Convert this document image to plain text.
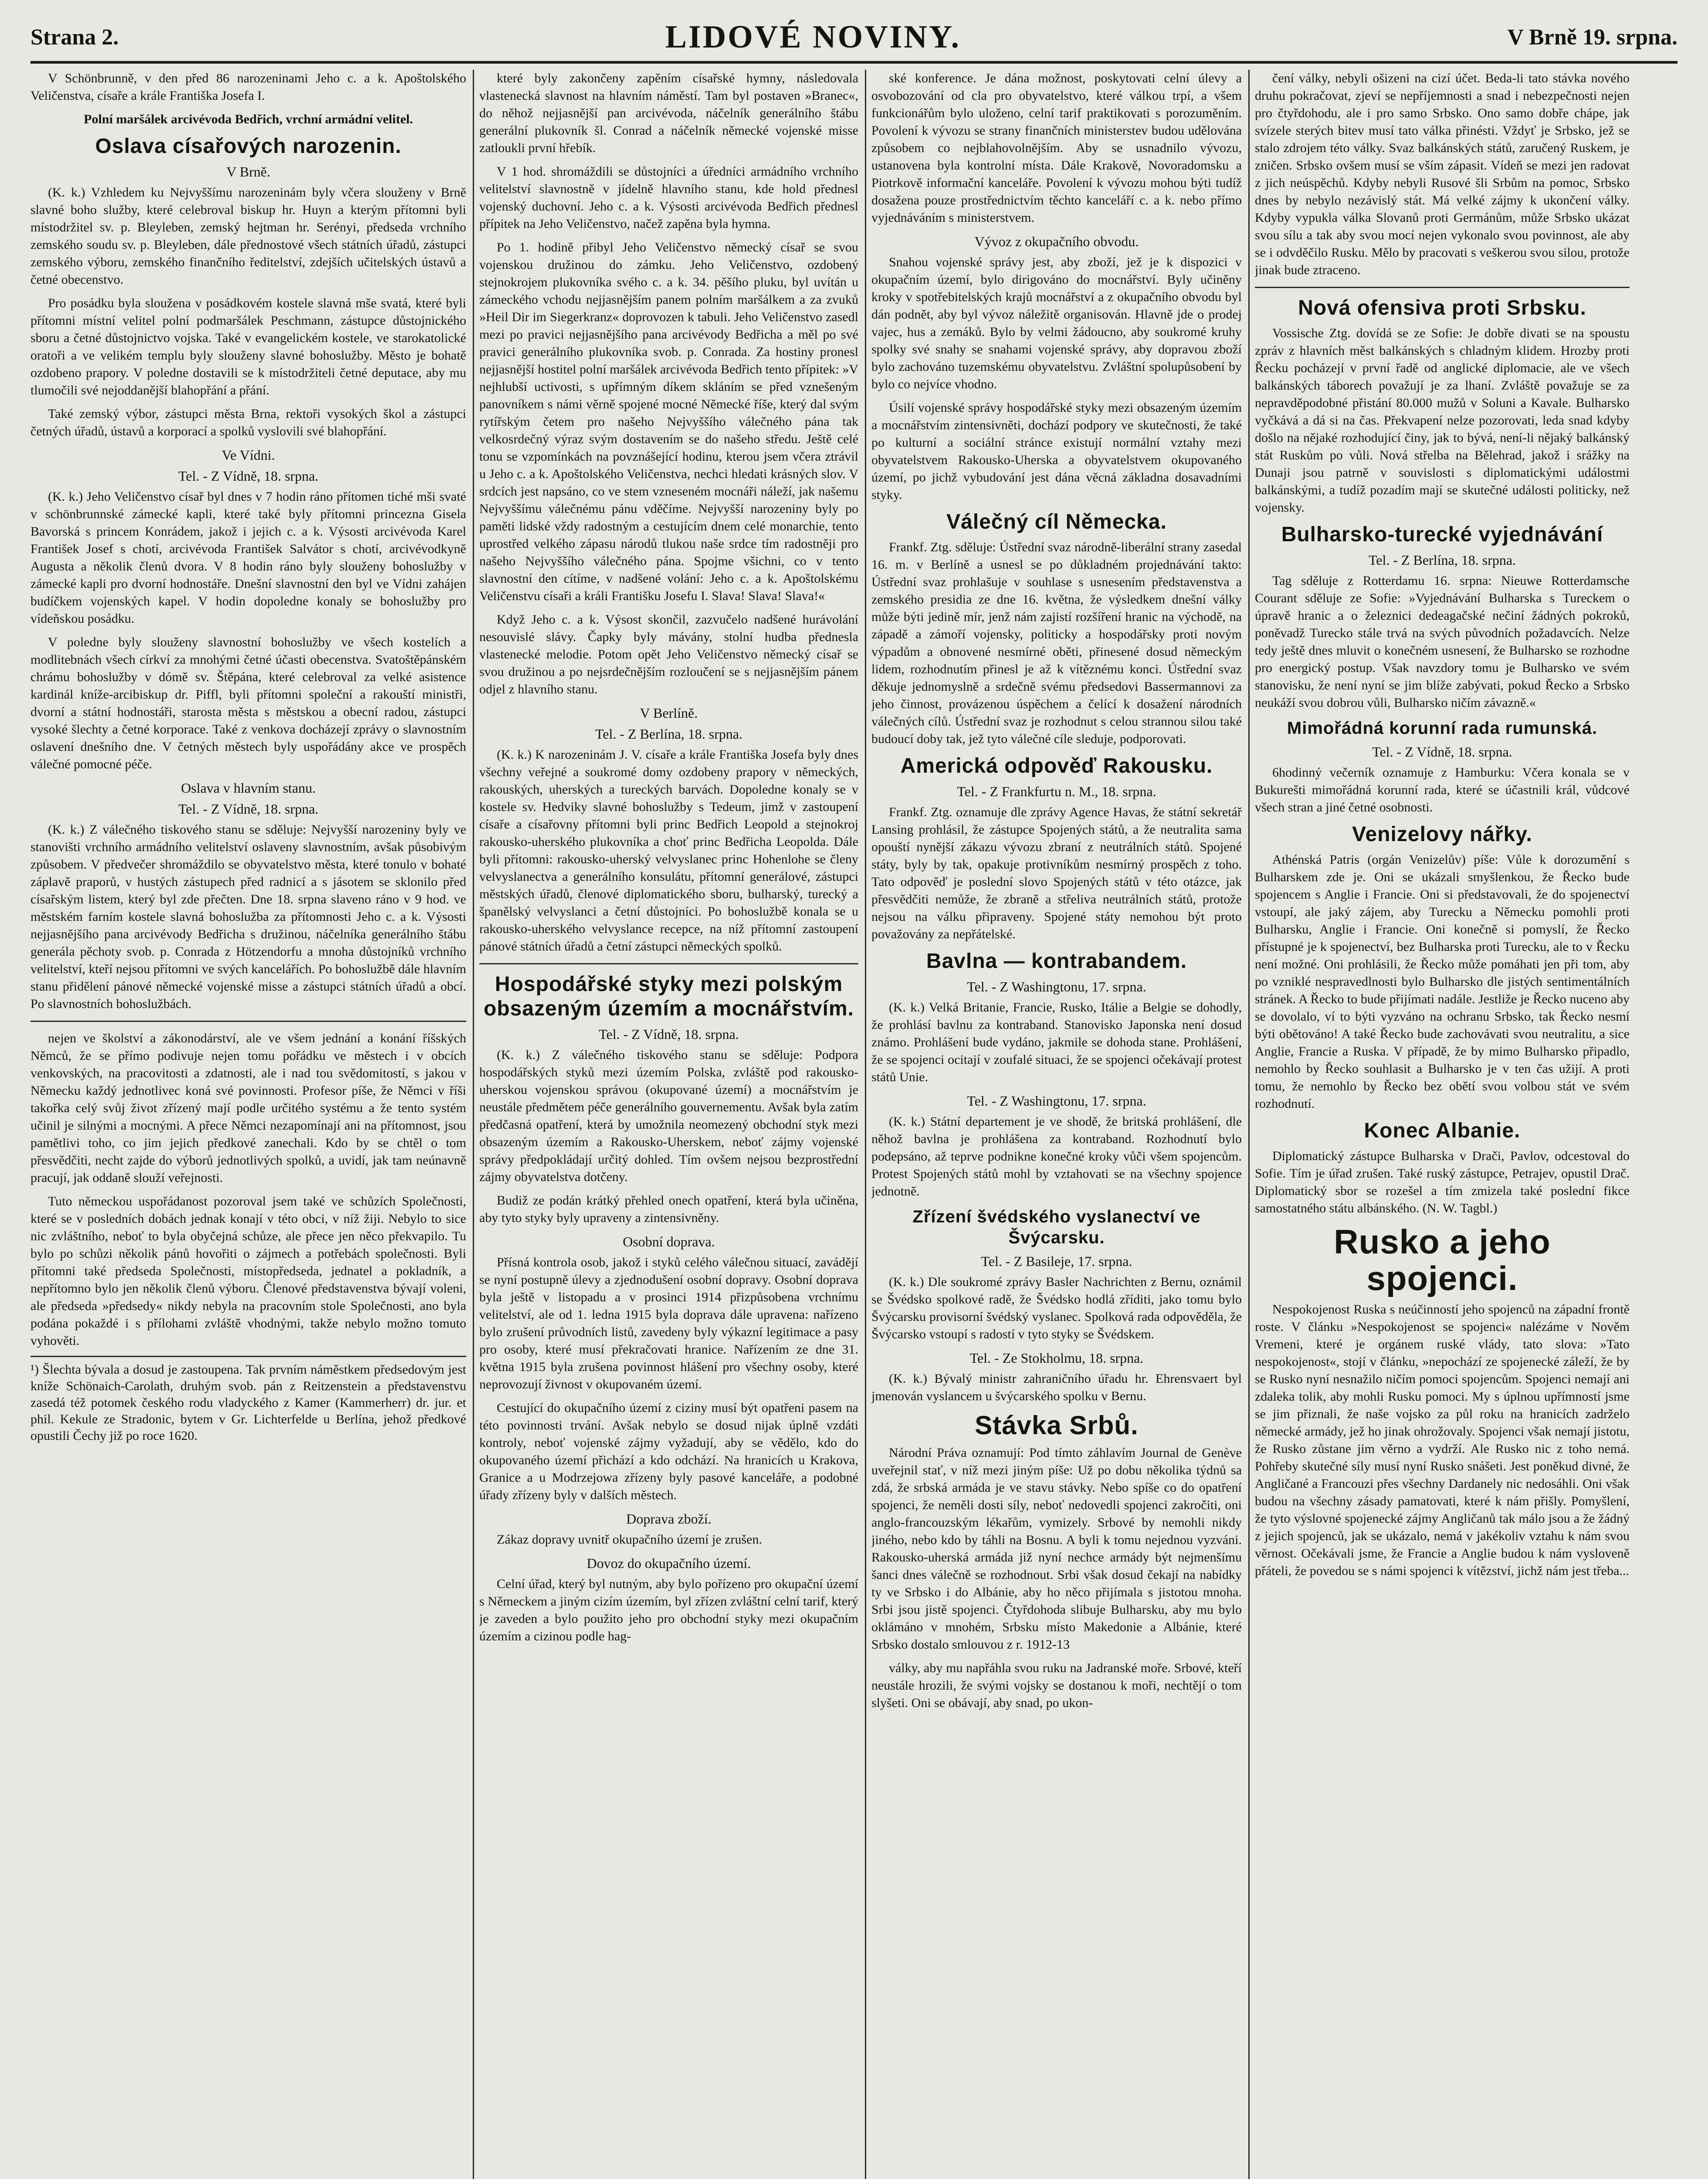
Strana 2.	LIDOVÉ NOVINY.	V Brně 19. srpna.

V Schönbrunně, v den před 86 narozeninami Jeho c. a k. Apoštolského Veličenstva, císaře a krále Františka Josefa I.

Polní maršálek arcivévoda Bedřich, vrchní armádní velitel.
Oslava císařových narozenin.
V Brně.

(K. k.) Vzhledem ku Nejvyššímu narozeninám byly včera slouženy v Brně slavné boho služby, které celebroval biskup hr. Huyn a kterým přítomni byli místodržitel sv. p. Bleyleben, zemský hejtman hr. Serényi, předseda vrchního zemského soudu sv. p. Bleyleben, dále přednostové všech státních úřadů, zástupci zemského výboru, zemského finančního ředitelství, zdejších učitelských ústavů a četné obecenstvo.

Pro posádku byla sloužena v posádkovém kostele slavná mše svatá, které byli přítomni místní velitel polní podmaršálek Peschmann, zástupce důstojnického sboru a četné důstojnictvo vojska. Také v evangelickém kostele, ve starokatolické oratoři a ve velikém templu byly slouženy slavné bohoslužby. Město je bohatě ozdobeno prapory. V poledne dostavili se k místodržiteli četné deputace, aby mu tlumočili své nejoddanější blahopřání a přání.

Také zemský výbor, zástupci města Brna, rektoři vysokých škol a zástupci četných úřadů, ústavů a korporací a spolků vyslovili své blahopřání.

Ve Vídni.
Tel. - Z Vídně, 18. srpna.

(K. k.) Jeho Veličenstvo císař byl dnes v 7 hodin ráno přítomen tiché mši svaté v schönbrunnské zámecké kapli, které také byly přítomni princezna Gisela Bavorská s princem Konrádem, jakož i jejich c. a k. Výsosti arcivévoda Karel František Josef s chotí, arcivévoda František Salvátor s chotí, arcivévodkyně Augusta a několik členů dvora. V 8 hodin ráno byly slouženy bohoslužby v zámecké kapli pro dvorní hodnostáře. Dnešní slavnostní den byl ve Vídni zahájen budíčkem vojenských kapel. V hodin dopoledne konaly se bohoslužby pro vídeňskou posádku.

V poledne byly slouženy slavnostní bohoslužby ve všech kostelích a modlitebnách všech církví za mnohými četné účasti obecenstva. Svatoštěpánském chrámu bohoslužby v dómě sv. Štěpána, které celebroval za velké asistence kardinál kníže-arcibiskup dr. Piffl, byli přítomni společní a rakouští ministři, dvorní a státní hodnostáři, starosta města s městskou a obecní radou, zástupci vysoké šlechty a četné korporace. Také z venkova docházejí zprávy o slavnostním oslavení dnešního dne. V četných městech byly uspořádány akce ve prospěch válečné pomocné péče.

Oslava v hlavním stanu.
Tel. - Z Vídně, 18. srpna.

(K. k.) Z válečného tiskového stanu se sděluje: Nejvyšší narozeniny byly ve stanovišti vrchního armádního velitelství oslaveny slavnostním, avšak působivým způsobem. V předvečer shromáždilo se obyvatelstvo města, které tonulo v bohaté záplavě praporů, v hustých zástupech před radnicí a s jásotem se sklonilo před císařským listem, který byl zde přečten. Dne 18. srpna slaveno ráno v 9 hod. ve městském farním kostele slavná bohoslužba za přítomnosti Jeho c. a k. Výsosti nejjasnějšího pana arcivévody Bedřicha s družinou, náčelníka generálního štábu generála pěchoty svob. p. Conrada z Hötzendorfu a mnoha důstojníků vrchního velitelství, kteří nejsou přítomni ve svých kancelářích. Po bohoslužbě dále hlavním stanu přidělení pánové německé vojenské misse a zástupci státních úřadů a obcí. Po slavnostních bohoslužbách.

nejen ve školství a zákonodárství, ale ve všem jednání a konání říšských Němců, že se přímo podivuje nejen tomu pořádku ve městech i v obcích venkovských, na pracovitosti a zdatnosti, ale i nad tou svědomitostí, s jakou v Německu každý jednotlivec koná své povinnosti. Profesor píše, že Němci v říši takořka celý svůj život zřízený mají podle určitého systému a že tento systém učinil je silnými a mocnými. A přece Němci nezapomínají ani na přítomnost, jsou pamětlivi toho, co jim jejich předkové zanechali. Kdo by se chtěl o tom přesvědčiti, necht zajde do výborů jednotlivých spolků, a uvidí, jak tam neúnavně pracují, jak oddaně slouží veřejnosti.

Tuto německou uspořádanost pozoroval jsem také ve schůzích Společnosti, které se v posledních dobách jednak konají v této obci, v níž žiji. Nebylo to sice nic zvláštního, neboť to byla obyčejná schůze, ale přece jen něco překvapilo. Tu bylo po schůzi několik pánů hovořiti o zájmech a potřebách společnosti. Byli přítomni také předseda Společnosti, místopředseda, jednatel a pokladník, a nepřítomno bylo jen několik členů výboru. Členové představenstva bývají voleni, ale předseda »předsedy« nikdy nebyla na pracovním stole Společnosti, ano byla podána pokaždé i s přílohami zvláště vhodnými, takže nebylo možno tomuto vyhověti.

¹) Šlechta bývala a dosud je zastoupena. Tak prvním náměstkem předsedovým jest kníže Schönaich-Carolath, druhým svob. pán z Reitzenstein a představenstvu zasedá též potomek českého rodu vladyckého z Kamer (Kammerherr) dr. jur. et phil. Kekule ze Stradonic, bytem v Gr. Lichterfelde u Berlína, jehož předkové opustili Čechy již po roce 1620.

které byly zakončeny zapěním císařské hymny, následovala vlastenecká slavnost na hlavním náměstí. Tam byl postaven »Branec«, do něhož nejjasnější pan arcivévoda, náčelník generálního štábu generální plukovník šl. Conrad a náčelník německé vojenské misse zatloukli první hřebík.

V 1 hod. shromáždili se důstojníci a úředníci armádního vrchního velitelství slavnostně v jídelně hlavního stanu, kde hold přednesl vojenský duchovní. Jeho c. a k. Výsosti arcivévoda Bedřich přednesl přípitek na Jeho Veličenstvo, načež zapěna byla hymna.

Po 1. hodině přibyl Jeho Veličenstvo německý císař se svou vojenskou družinou do zámku. Jeho Veličenstvo, ozdobený stejnokrojem plukovníka svého c. a k. 34. pěšího pluku, byl uvítán u zámeckého vchodu nejjasnějším panem polním maršálkem a za zvuků »Heil Dir im Siegerkranz« doprovozen k tabuli. Jeho Veličenstvo zasedl mezi po pravici nejjasnějšího pana arcivévody Bedřicha a měl po své pravici generálního plukovníka svob. p. Conrada. Za hostiny pronesl nejjasnější hostitel polní maršálek arcivévoda Bedřich tento přípitek: »V nejhlubší uctivosti, s upřímným díkem skláním se před vznešeným panovníkem s námi věrně spojené mocné Německé říše, který dal svým rytířským četem pro našeho Nejvyššího válečného pána tak velkosrdečný výraz svým dostavením se do našeho středu. Ještě celé tonu se vzpomínkách na povznášející hodinu, kterou jsem včera ztrávil u Jeho c. a k. Apoštolského Veličenstva, nechci hledati krásných slov. V srdcích jest napsáno, co ve stem vzneseném mocnáři náleží, jak našemu Nejvyššímu válečnému pánu vděčíme. Nejvyšší narozeniny byly po paměti lidské vždy radostným a cestujícím dnem celé monarchie, tento uprostřed velkého zápasu národů tlukou naše srdce tím radostněji pro našeho Nejvyššího válečného pána. Spojme všichni, co v tento slavnostní den cítíme, v nadšené volání: Jeho c. a k. Apoštolskému Veličenstvu císaři a králi Františku Josefu I. Slava! Slava! Slava!«

Když Jeho c. a k. Výsost skončil, zazvučelo nadšené hurávolání nesouvislé slávy. Čapky byly mávány, stolní hudba přednesla vlastenecké melodie. Potom opět Jeho Veličenstvo německý císař se svou družinou a po nejsrdečnějším rozloučení se s nejjasnějším pánem odjel z hlavního stanu.

V Berlíně.
Tel. - Z Berlína, 18. srpna.

(K. k.) K narozeninám J. V. císaře a krále Františka Josefa byly dnes všechny veřejné a soukromé domy ozdobeny prapory v německých, rakouských, uherských a tureckých barvách. Dopoledne konaly se v kostele sv. Hedviky slavné bohoslužby s Tedeum, jimž v zastoupení císaře a císařovny přítomni byli princ Bedřich Leopold a stejnokroj rakousko-uherského plukovníka a choť princ Bedřicha Leopolda. Dále byli přítomni: rakousko-uherský velvyslanec princ Hohenlohe se členy velvyslanectva a generálního konsulátu, přítomní generálové, zástupci městských úřadů, členové diplomatického sboru, bulharský, turecký a španělský velvyslanci a četní důstojníci. Po bohoslužbě konala se u rakousko-uherského velvyslance recepce, na níž přítomní zastoupení pánové státních úřadů a četní zástupci německých spolků.

Hospodářské styky mezi polským obsazeným územím a mocnářstvím.
Tel. - Z Vídně, 18. srpna.

(K. k.) Z válečného tiskového stanu se sděluje: Podpora hospodářských styků mezi územím Polska, zvláště pod rakousko-uherskou vojenskou správou (okupované území) a mocnářstvím je neustále předmětem péče generálního gouvernementu. Avšak byla zatím předčasná opatření, která by umožnila neomezený obchodní styk mezi obsazeným územím a Rakousko-Uherskem, neboť zájmy vojenské správy předpokládají určitý dohled. Tím ovšem nejsou bezprostřední zájmy obyvatelstva dotčeny.

Budiž ze podán krátký přehled onech opatření, která byla učiněna, aby tyto styky byly upraveny a zintensivněny.

Osobní doprava.

Přísná kontrola osob, jakož i styků celého válečnou situací, zavádějí se nyní postupně úlevy a zjednodušení osobní dopravy. Osobní doprava byla ještě v listopadu a v prosinci 1914 přizpůsobena vrchnímu velitelství, ale od 1. ledna 1915 byla doprava dále upravena: nařízeno bylo zrušení průvodních listů, zavedeny byly výkazní legitimace a pasy pro osoby, které musí překračovati hranice. Nařízením ze dne 31. května 1915 byla zrušena povinnost hlášení pro všechny osoby, které neprovozují živnost v okupovaném území.

Cestující do okupačního území z ciziny musí být opatřeni pasem na této povinnosti trvání. Avšak nebylo se dosud nijak úplně vzdáti kontroly, neboť vojenské zájmy vyžadují, aby se vědělo, kdo do okupovaného území přichází a kdo odchází. Na hranicích u Krakova, Granice a u Modrzejowa zřízeny byly pasové kanceláře, a podobné úřady zřízeny byly v dalších městech.

Doprava zboží.

Zákaz dopravy uvnitř okupačního území je zrušen.

Dovoz do okupačního území.

Celní úřad, který byl nutným, aby bylo pořízeno pro okupační území s Německem a jiným cizím územím, byl zřízen zvláštní celní tarif, který je zaveden a bylo použito jeho pro obchodní styky mezi okupačním územím a cizinou podle hag-

ské konference. Je dána možnost, poskytovati celní úlevy a osvobozování od cla pro obyvatelstvo, které válkou trpí, a všem funkcionářům bylo uloženo, celní tarif praktikovati s porozuměním. Povolení k vývozu se strany finančních ministerstev budou udělována způsobem co nejblahovolnějším. Aby se usnadnilo vývozu, ustanovena byla kontrolní místa. Dále Krakově, Novoradomsku a Piotrkově informační kanceláře. Povolení k vývozu mohou býti tudíž dosažena pouze prostřednictvím těchto kanceláří c. a k. nebo přímo vyjednáváním s ministerstvem.

Vývoz z okupačního obvodu.

Snahou vojenské správy jest, aby zboží, jež je k dispozici v okupačním území, bylo dirigováno do mocnářství. Byly učiněny kroky v spotřebitelských krajů mocnářství a z okupačního obvodu byl dán podnět, aby byl vývoz náležitě organisován. Hlavně jde o prodej vajec, hus a zemáků. Bylo by velmi žádoucno, aby soukromé kruhy spolky své snahy se snahami vojenské správy, aby dopravou zboží bylo zachováno tuzemskému obyvatelstvu. Zvláštní spolupůsobení by bylo co nejvíce vhodno.

Úsilí vojenské správy hospodářské styky mezi obsazeným územím a mocnářstvím zintensivněti, dochází podpory ve skutečnosti, že také po kulturní a sociální stránce existují normální vztahy mezi obyvatelstvem Rakousko-Uherska a obyvatelstvem okupovaného území, po jichž vybudování jest dána věcná základna dosavadními styky.

Válečný cíl Německa.

Frankf. Ztg. sděluje: Ústřední svaz národně-liberální strany zasedal 16. m. v Berlíně a usnesl se po důkladném projednávání takto: Ústřední svaz prohlašuje v souhlase s usnesením představenstva a zemského presidia ze dne 16. května, že výsledkem dnešní války může býti jedině mír, jenž nám zajistí rozšíření hranic na východě, na západě a zámoří vojensky, politicky a hospodářsky proti novým výpadům a obnovené nesmírné oběti, přinesené dosud německým lidem, rozhodnutím přinesl je až k vítěznému konci. Ústřední svaz děkuje jednomyslně a srdečně svému předsedovi Bassermannovi za jeho činnost, provázenou úspěchem a čelící k dosažení národních válečných cílů. Ústřední svaz je rozhodnut s celou strannou silou také budoucí doby tak, jež tyto válečné cíle sleduje, podporovati.

Americká odpověď Rakousku.
Tel. - Z Frankfurtu n. M., 18. srpna.

Frankf. Ztg. oznamuje dle zprávy Agence Havas, že státní sekretář Lansing prohlásil, že zástupce Spojených států, a že neutralita sama opouští nynější zákazu vývozu zbraní z neutrálních států. Spojené státy, byly by tak, opakuje protivníkům nesmírný prospěch z toho. Tato odpověď je poslední slovo Spojených států v této otázce, jak přesvědčiti nemůže, že zbraně a střeliva neutrálních států, protože nejsou na válku připraveny. Spojené státy nemohou být proto považovány za nepřátelské.

Bavlna — kontrabandem.
Tel. - Z Washingtonu, 17. srpna.

(K. k.) Velká Britanie, Francie, Rusko, Itálie a Belgie se dohodly, že prohlásí bavlnu za kontraband. Stanovisko Japonska není dosud známo. Prohlášení bude vydáno, jakmile se dohoda stane. Prohlášení, že se spojenci ocitají v zoufalé situaci, že se spojenci očekávají protest států Unie.

Tel. - Z Washingtonu, 17. srpna.

(K. k.) Státní departement je ve shodě, že britská prohlášení, dle něhož bavlna je prohlášena za kontraband. Rozhodnutí bylo podepsáno, až teprve podnikne konečné kroky vůči všem spojencům. Protest Spojených států mohl by vztahovati se na všechny spojence jednotně.

Zřízení švédského vyslanectví ve Švýcarsku.
Tel. - Z Basileje, 17. srpna.

(K. k.) Dle soukromé zprávy Basler Nachrichten z Bernu, oznámil se Švédsko spolkové radě, že Švédsko hodlá zříditi, jako tomu bylo Švýcarsku provisorní švédský vyslanec. Spolková rada odpověděla, že Švýcarsko vstoupí s radostí v tyto styky se Švédskem.

Tel. - Ze Stokholmu, 18. srpna.

(K. k.) Bývalý ministr zahraničního úřadu hr. Ehrensvaert byl jmenován vyslancem u švýcarského spolku v Bernu.

Stávka Srbů.

Národní Práva oznamují: Pod tímto záhlavím Journal de Genève uveřejnil stať, v níž mezi jiným píše: Už po dobu několika týdnů sa zdá, že srbská armáda je ve stavu stávky. Nebo spíše co do opatření spojenci, že neměli dosti síly, neboť nedovedli spojenci zakročiti, oni anglo-francouzským lékařům, vymizely. Srbové by nemohli nikdy jiného, nebo kdo by táhli na Bosnu. A byli k tomu nejednou vyzváni. Rakousko-uherská armáda již nyní nechce armády být nejmenšímu šanci dnes válečně se rozhodnout. Srbi však dosud čekají na nabídky ty ve Srbsko i do Albánie, aby ho něco přijímala s jistotou mnoha. Srbi jsou jistě spojenci. Čtyřdohoda slibuje Bulharsku, aby mu bylo oklámáno v mnohém, Srbsku místo Makedonie a Albánie, které Srbsko dostalo smlouvou z r. 1912-13

války, aby mu napřáhla svou ruku na Jadranské moře. Srbové, kteří neustále hrozili, že svými vojsky se dostanou k moři, nechtějí o tom slyšeti. Oni se obávají, aby snad, po ukon-

čení války, nebyli ošizeni na cizí účet. Beda-li tato stávka nového druhu pokračovat, zjeví se nepříjemnosti a snad i nebezpečnosti nejen pro čtyřdohodu, ale i pro samo Srbsko. Ono samo dobře chápe, jak svízele sterých bitev musí tato válka přinésti. Vždyť je Srbsko, jež se stalo zdrojem této války. Svaz balkánských států, zaručený Ruskem, je zničen. Srbsko ovšem musí se vším zápasit. Vídeň se mezi jen radovat z jich neúspěchů. Kdyby nebyli Rusové šli Srbům na pomoc, Srbsko dnes by nebylo nezávislý stát. Má velké zájmy k ukončení války. Kdyby vypukla válka Slovanů proti Germánům, může Srbsko ukázat svou sílu a tak aby svou mocí nejen vykonalo svou povinnost, ale aby se i odvděčilo Rusku. Mělo by pracovati s veškerou svou silou, protože jinak bude ztraceno.

Nová ofensiva proti Srbsku.

Vossische Ztg. dovídá se ze Sofie: Je dobře divati se na spoustu zpráv z hlavních měst balkánských s chladným klidem. Hrozby proti Řecku pocházejí v první řadě od anglické diplomacie, ale ve všech balkánských táborech považují je za lhaní. Zvláště považuje se za nepravděpodobné přistání 80.000 mužů v Soluni a Kavale. Bulharsko vyčkává a dá si na čas. Překvapení nelze pozorovati, leda snad kdyby došlo na nějaké rozhodující činy, jak to bývá, není-li nějaký balkánský stát Ruskům po vůli. Nová střelba na Bělehrad, jakož i srážky na Dunaji jsou patrně v souvislosti s diplomatickými událostmi balkánskými, a tudíž pozadím mají se skutečné události politicky, než vojensky.

Bulharsko-turecké vyjednávání
Tel. - Z Berlína, 18. srpna.

Tag sděluje z Rotterdamu 16. srpna: Nieuwe Rotterdamsche Courant sděluje ze Sofie: »Vyjednávání Bulharska s Tureckem o úpravě hranic a o železnici dedeagačské nečiní žádných pokroků, poněvadž Turecko stále trvá na svých původních požadavcích. Nelze tedy ještě dnes mluvit o konečném usnesení, že Bulharsko se rozhodne pro energický postup. Však navzdory tomu je Bulharsko ve svém stanovisku, že není nyní se jim blíže zabývati, pokud Řecko a Srbsko neukáží svou dobrou vůli, Bulharsko ničím závazně.«

Mimořádná korunní rada rumunská.
Tel. - Z Vídně, 18. srpna.

6hodinný večerník oznamuje z Hamburku: Včera konala se v Bukurešti mimořádná korunní rada, které se účastnili král, vůdcové všech stran a jiné četné osobnosti.

Venizelovy nářky.

Athénská Patris (orgán Venizelův) píše: Vůle k dorozumění s Bulharskem zde je. Oni se ukázali smyšlenkou, že Řecko bude spojencem s Anglie i Francie. Oni si představovali, že do spojenectví vstoupí, ale jaký zájem, aby Turecku a Německu pomohli proti Bulharsku, Anglie i Francie. Oni konečně si pomyslí, že Řecko přístupné je k spojenectví, bez Bulharska proti Turecku, ale to v Řecku není možné. Oni prohlásili, že Řecko může pomáhati jen při tom, aby po vzniklé nespravedlnosti bylo Bulharsko dle jistých sentimentálních stránek. A Řecko to bude přijímati nadále. Jestliže je Řecko nuceno aby se dovolalo, ví to býti vyzváno na ochranu Srbsko, tak Řecko nesmí býti obětováno! A také Řecko bude zachovávati svou neutralitu, a sice Anglie, Francie a Ruska. V případě, že by mimo Bulharsko připadlo, nemohlo by Řecko souhlasit a Bulharsko je v ten čas užijí. A proti tomu, že nemohlo by Řecko bez obětí svou volbou stát ve svém rozhodnutí.

Konec Albanie.

Diplomatický zástupce Bulharska v Drači, Pavlov, odcestoval do Sofie. Tím je úřad zrušen. Také ruský zástupce, Petrajev, opustil Drač. Diplomatický sbor se rozešel a tím zmizela také poslední fikce samostatného státu albánského. (N. W. Tagbl.)

Rusko a jeho spojenci.

Nespokojenost Ruska s neúčinností jeho spojenců na západní frontě roste. V článku »Nespokojenost se spojenci« nalézáme v Nověm Vremeni, které je orgánem ruské vlády, tato slova: »Tato nespokojenost«, stojí v článku, »nepochází ze spojenecké záleží, že by se Rusko nyní nesnažilo ničím pomoci spojencům. Spojenci nemají ani zdaleka tolik, aby mohli Rusku pomoci. My s úplnou upřímností jsme se jim přiznali, že naše vojsko za půl roku na hranicích zadrželo německé armády, jež ho jinak ohrožovaly. Spojenci však nemají jistotu, že Rusko zůstane jim věrno a vydrží. Ale Rusko nic z toho nemá. Pohřeby skutečné síly musí nyní Rusko snášeti. Jest poněkud divné, že Angličané a Francouzi přes všechny Dardanely nic nedosáhli. Oni však budou na všechny zásady pamatovati, které k nám přišly. Pomyšlení, že tyto výslovné spojenecké zájmy Angličanů tak málo jsou a že žádný z jejich spojenců, jak se ukázalo, nemá v jakékoliv vztahu k nám svou věrnost. Očekávali jsme, že Francie a Anglie budou k nám vysloveně přáteli, že povedou se s námi spojenci k vítězství, jichž nám jest třeba...
